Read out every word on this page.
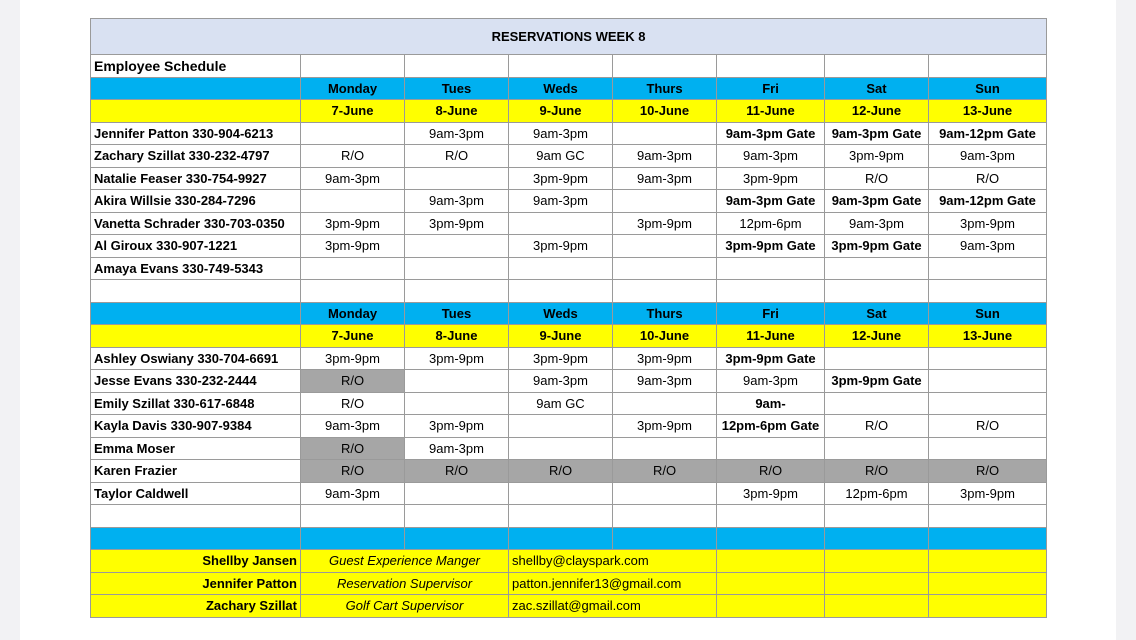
RESERVATIONS WEEK 8							
Employee Schedule							
	Monday	Tues	Weds	Thurs	Fri	Sat	Sun
	7-June	8-June	9-June	10-June	11-June	12-June	13-June
Jennifer Patton 330-904-6213		9am-3pm	9am-3pm		9am-3pm Gate	9am-3pm Gate	9am-12pm Gate
Zachary Szillat 330-232-4797	R/O	R/O	9am GC	9am-3pm	9am-3pm	3pm-9pm	9am-3pm
Natalie Feaser 330-754-9927	9am-3pm		3pm-9pm	9am-3pm	3pm-9pm	R/O	R/O
Akira Willsie 330-284-7296		9am-3pm	9am-3pm		9am-3pm Gate	9am-3pm Gate	9am-12pm Gate
Vanetta Schrader 330-703-0350	3pm-9pm	3pm-9pm		3pm-9pm	12pm-6pm	9am-3pm	3pm-9pm
Al Giroux 330-907-1221	3pm-9pm		3pm-9pm		3pm-9pm Gate	3pm-9pm Gate	9am-3pm
Amaya Evans 330-749-5343							

	Monday	Tues	Weds	Thurs	Fri	Sat	Sun
	7-June	8-June	9-June	10-June	11-June	12-June	13-June
Ashley Oswiany 330-704-6691	3pm-9pm	3pm-9pm	3pm-9pm	3pm-9pm	3pm-9pm Gate		
Jesse Evans 330-232-2444	R/O		9am-3pm	9am-3pm	9am-3pm	3pm-9pm Gate	
Emily Szillat 330-617-6848	R/O		9am GC		9am-		
Kayla Davis 330-907-9384	9am-3pm	3pm-9pm		3pm-9pm	12pm-6pm Gate	R/O	R/O
Emma Moser	R/O	9am-3pm					
Karen Frazier	R/O	R/O	R/O	R/O	R/O	R/O	R/O
Taylor Caldwell	9am-3pm				3pm-9pm	12pm-6pm	3pm-9pm

Shellby Jansen	Guest Experience Manger		shellby@clayspark.com				
Jennifer Patton	Reservation Supervisor		patton.jennifer13@gmail.com				
Zachary Szillat	Golf Cart Supervisor		zac.szillat@gmail.com				
